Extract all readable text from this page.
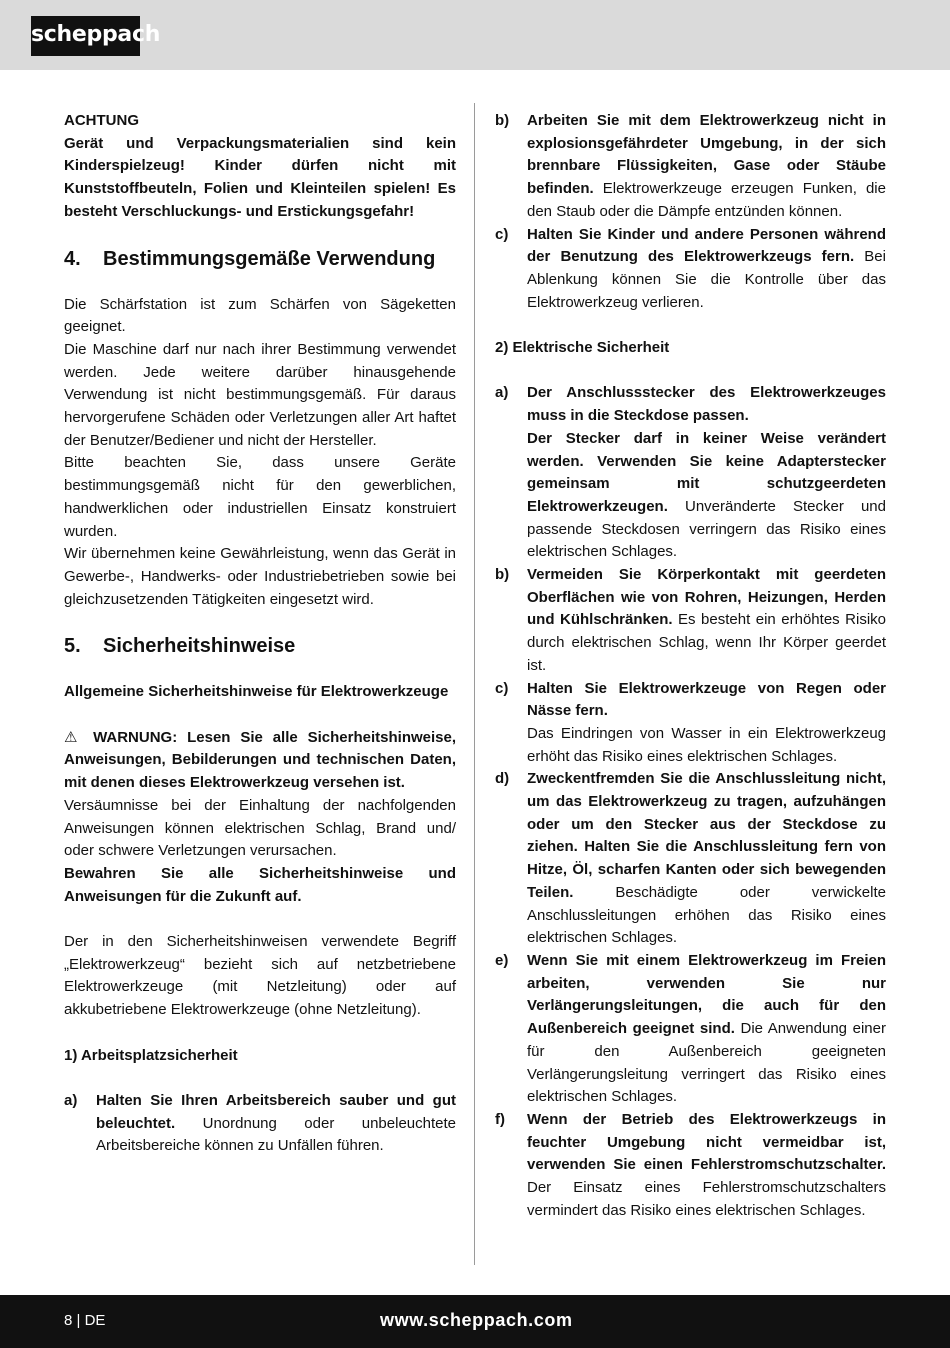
scheppach

ACHTUNG

Gerät und Verpackungsmaterialien sind kein Kinderspielzeug! Kinder dürfen nicht mit Kunststoffbeuteln, Folien und Kleinteilen spielen! Es besteht Verschluckungs- und Erstickungsgefahr!

4.	Bestimmungsgemäße Verwendung

Die Schärfstation ist zum Schärfen von Sägeketten geeignet.

Die Maschine darf nur nach ihrer Bestimmung verwendet werden. Jede weitere darüber hinausgehende Verwendung ist nicht bestimmungsgemäß. Für daraus hervorgerufene Schäden oder Verletzungen aller Art haftet der Benutzer/Bediener und nicht der Hersteller.

Bitte beachten Sie, dass unsere Geräte bestimmungsgemäß nicht für den gewerblichen, handwerklichen oder industriellen Einsatz konstruiert wurden.

Wir übernehmen keine Gewährleistung, wenn das Gerät in Gewerbe-, Handwerks- oder Industriebetrieben sowie bei gleichzusetzenden Tätigkeiten eingesetzt wird.

5.	Sicherheitshinweise

Allgemeine Sicherheitshinweise für Elektrowerkzeuge

⚠ WARNUNG: Lesen Sie alle Sicherheitshinweise, Anweisungen, Bebilderungen und technischen Daten, mit denen dieses Elektrowerkzeug versehen ist.

Versäumnisse bei der Einhaltung der nachfolgenden Anweisungen können elektrischen Schlag, Brand und/ oder schwere Verletzungen verursachen.

Bewahren Sie alle Sicherheitshinweise und Anweisungen für die Zukunft auf.

Der in den Sicherheitshinweisen verwendete Begriff „Elektrowerkzeug“ bezieht sich auf netzbetriebene Elektrowerkzeuge (mit Netzleitung) oder auf akkubetriebene Elektrowerkzeuge (ohne Netzleitung).

1) Arbeitsplatzsicherheit

a)	Halten Sie Ihren Arbeitsbereich sauber und gut beleuchtet. Unordnung oder unbeleuchtete Arbeitsbereiche können zu Unfällen führen.
b)	Arbeiten Sie mit dem Elektrowerkzeug nicht in explosionsgefährdeter Umgebung, in der sich brennbare Flüssigkeiten, Gase oder Stäube befinden. Elektrowerkzeuge erzeugen Funken, die den Staub oder die Dämpfe entzünden können.
c)	Halten Sie Kinder und andere Personen während der Benutzung des Elektrowerkzeugs fern. Bei Ablenkung können Sie die Kontrolle über das Elektrowerkzeug verlieren.

2) Elektrische Sicherheit

a)	Der Anschlussstecker des Elektrowerkzeuges muss in die Steckdose passen.
Der Stecker darf in keiner Weise verändert werden. Verwenden Sie keine Adapterstecker gemeinsam mit schutzgeerdeten Elektrowerkzeugen. Unveränderte Stecker und passende Steckdosen verringern das Risiko eines elektrischen Schlages.
b)	Vermeiden Sie Körperkontakt mit geerdeten Oberflächen wie von Rohren, Heizungen, Herden und Kühlschränken. Es besteht ein erhöhtes Risiko durch elektrischen Schlag, wenn Ihr Körper geerdet ist.
c)	Halten Sie Elektrowerkzeuge von Regen oder Nässe fern.
Das Eindringen von Wasser in ein Elektrowerkzeug erhöht das Risiko eines elektrischen Schlages.
d)	Zweckentfremden Sie die Anschlussleitung nicht, um das Elektrowerkzeug zu tragen, aufzuhängen oder um den Stecker aus der Steckdose zu ziehen. Halten Sie die Anschlussleitung fern von Hitze, Öl, scharfen Kanten oder sich bewegenden Teilen. Beschädigte oder verwickelte Anschlussleitungen erhöhen das Risiko eines elektrischen Schlages.
e)	Wenn Sie mit einem Elektrowerkzeug im Freien arbeiten, verwenden Sie nur Verlängerungsleitungen, die auch für den Außenbereich geeignet sind. Die Anwendung einer für den Außenbereich geeigneten Verlängerungsleitung verringert das Risiko eines elektrischen Schlages.
f)	Wenn der Betrieb des Elektrowerkzeugs in feuchter Umgebung nicht vermeidbar ist, verwenden Sie einen Fehlerstromschutzschalter. Der Einsatz eines Fehlerstromschutzschalters vermindert das Risiko eines elektrischen Schlages.
8 | DE	www.scheppach.com
